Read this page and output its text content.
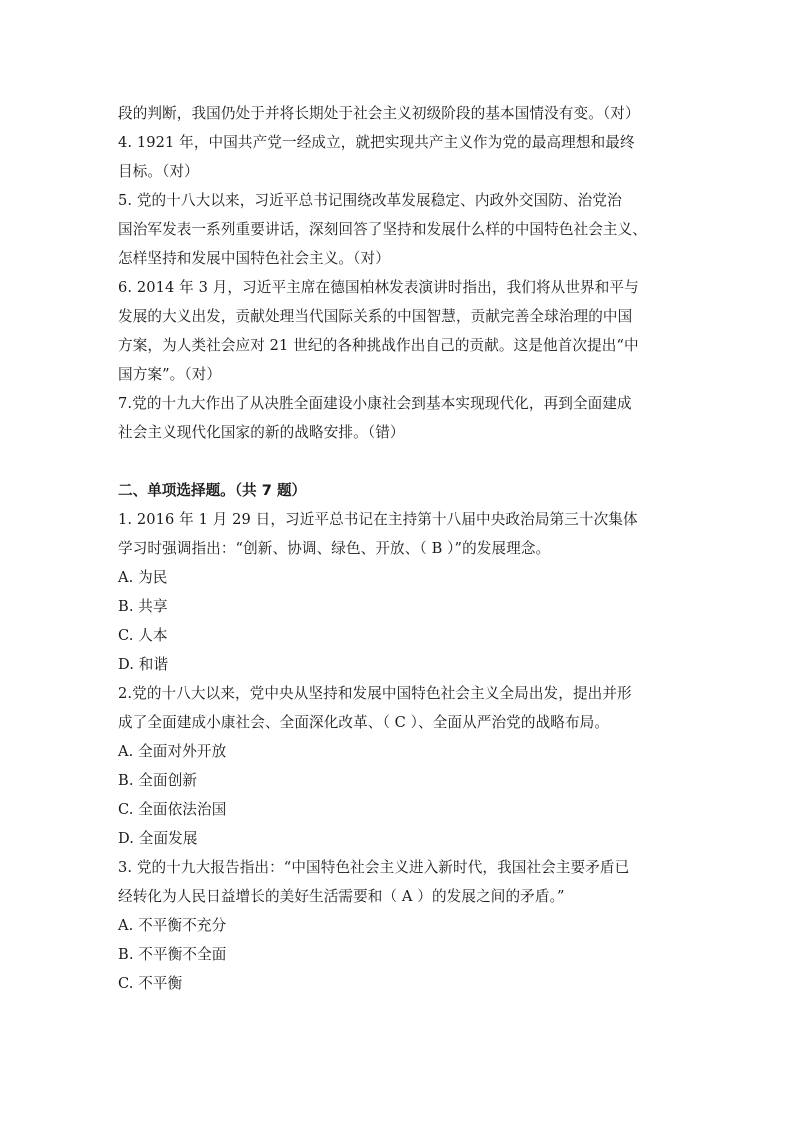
段的判断，我国仍处于并将长期处于社会主义初级阶段的基本国情没有变。（对）
4. 1921 年，中国共产党一经成立，就把实现共产主义作为党的最高理想和最终
目标。（对）
5. 党的十八大以来，习近平总书记围绕改革发展稳定、内政外交国防、治党治
国治军发表一系列重要讲话，深刻回答了坚持和发展什么样的中国特色社会主义、
怎样坚持和发展中国特色社会主义。（对）
6. 2014 年 3 月，习近平主席在德国柏林发表演讲时指出，我们将从世界和平与
发展的大义出发，贡献处理当代国际关系的中国智慧，贡献完善全球治理的中国
方案，为人类社会应对 21 世纪的各种挑战作出自己的贡献。这是他首次提出“中
国方案”。（对）
7.党的十九大作出了从决胜全面建设小康社会到基本实现现代化，再到全面建成
社会主义现代化国家的新的战略安排。（错）
二、单项选择题。（共 7 题）
1. 2016 年 1 月 29 日，习近平总书记在主持第十八届中央政治局第三十次集体
学习时强调指出：“创新、协调、绿色、开放、（ B ）”的发展理念。
A. 为民
B. 共享
C. 人本
D. 和谐
2.党的十八大以来，党中央从坚持和发展中国特色社会主义全局出发，提出并形
成了全面建成小康社会、全面深化改革、（ C ）、全面从严治党的战略布局。
A. 全面对外开放
B. 全面创新
C. 全面依法治国
D. 全面发展
3. 党的十九大报告指出：“中国特色社会主义进入新时代，我国社会主要矛盾已
经转化为人民日益增长的美好生活需要和（ A ）的发展之间的矛盾。”
A. 不平衡不充分
B. 不平衡不全面
C. 不平衡
